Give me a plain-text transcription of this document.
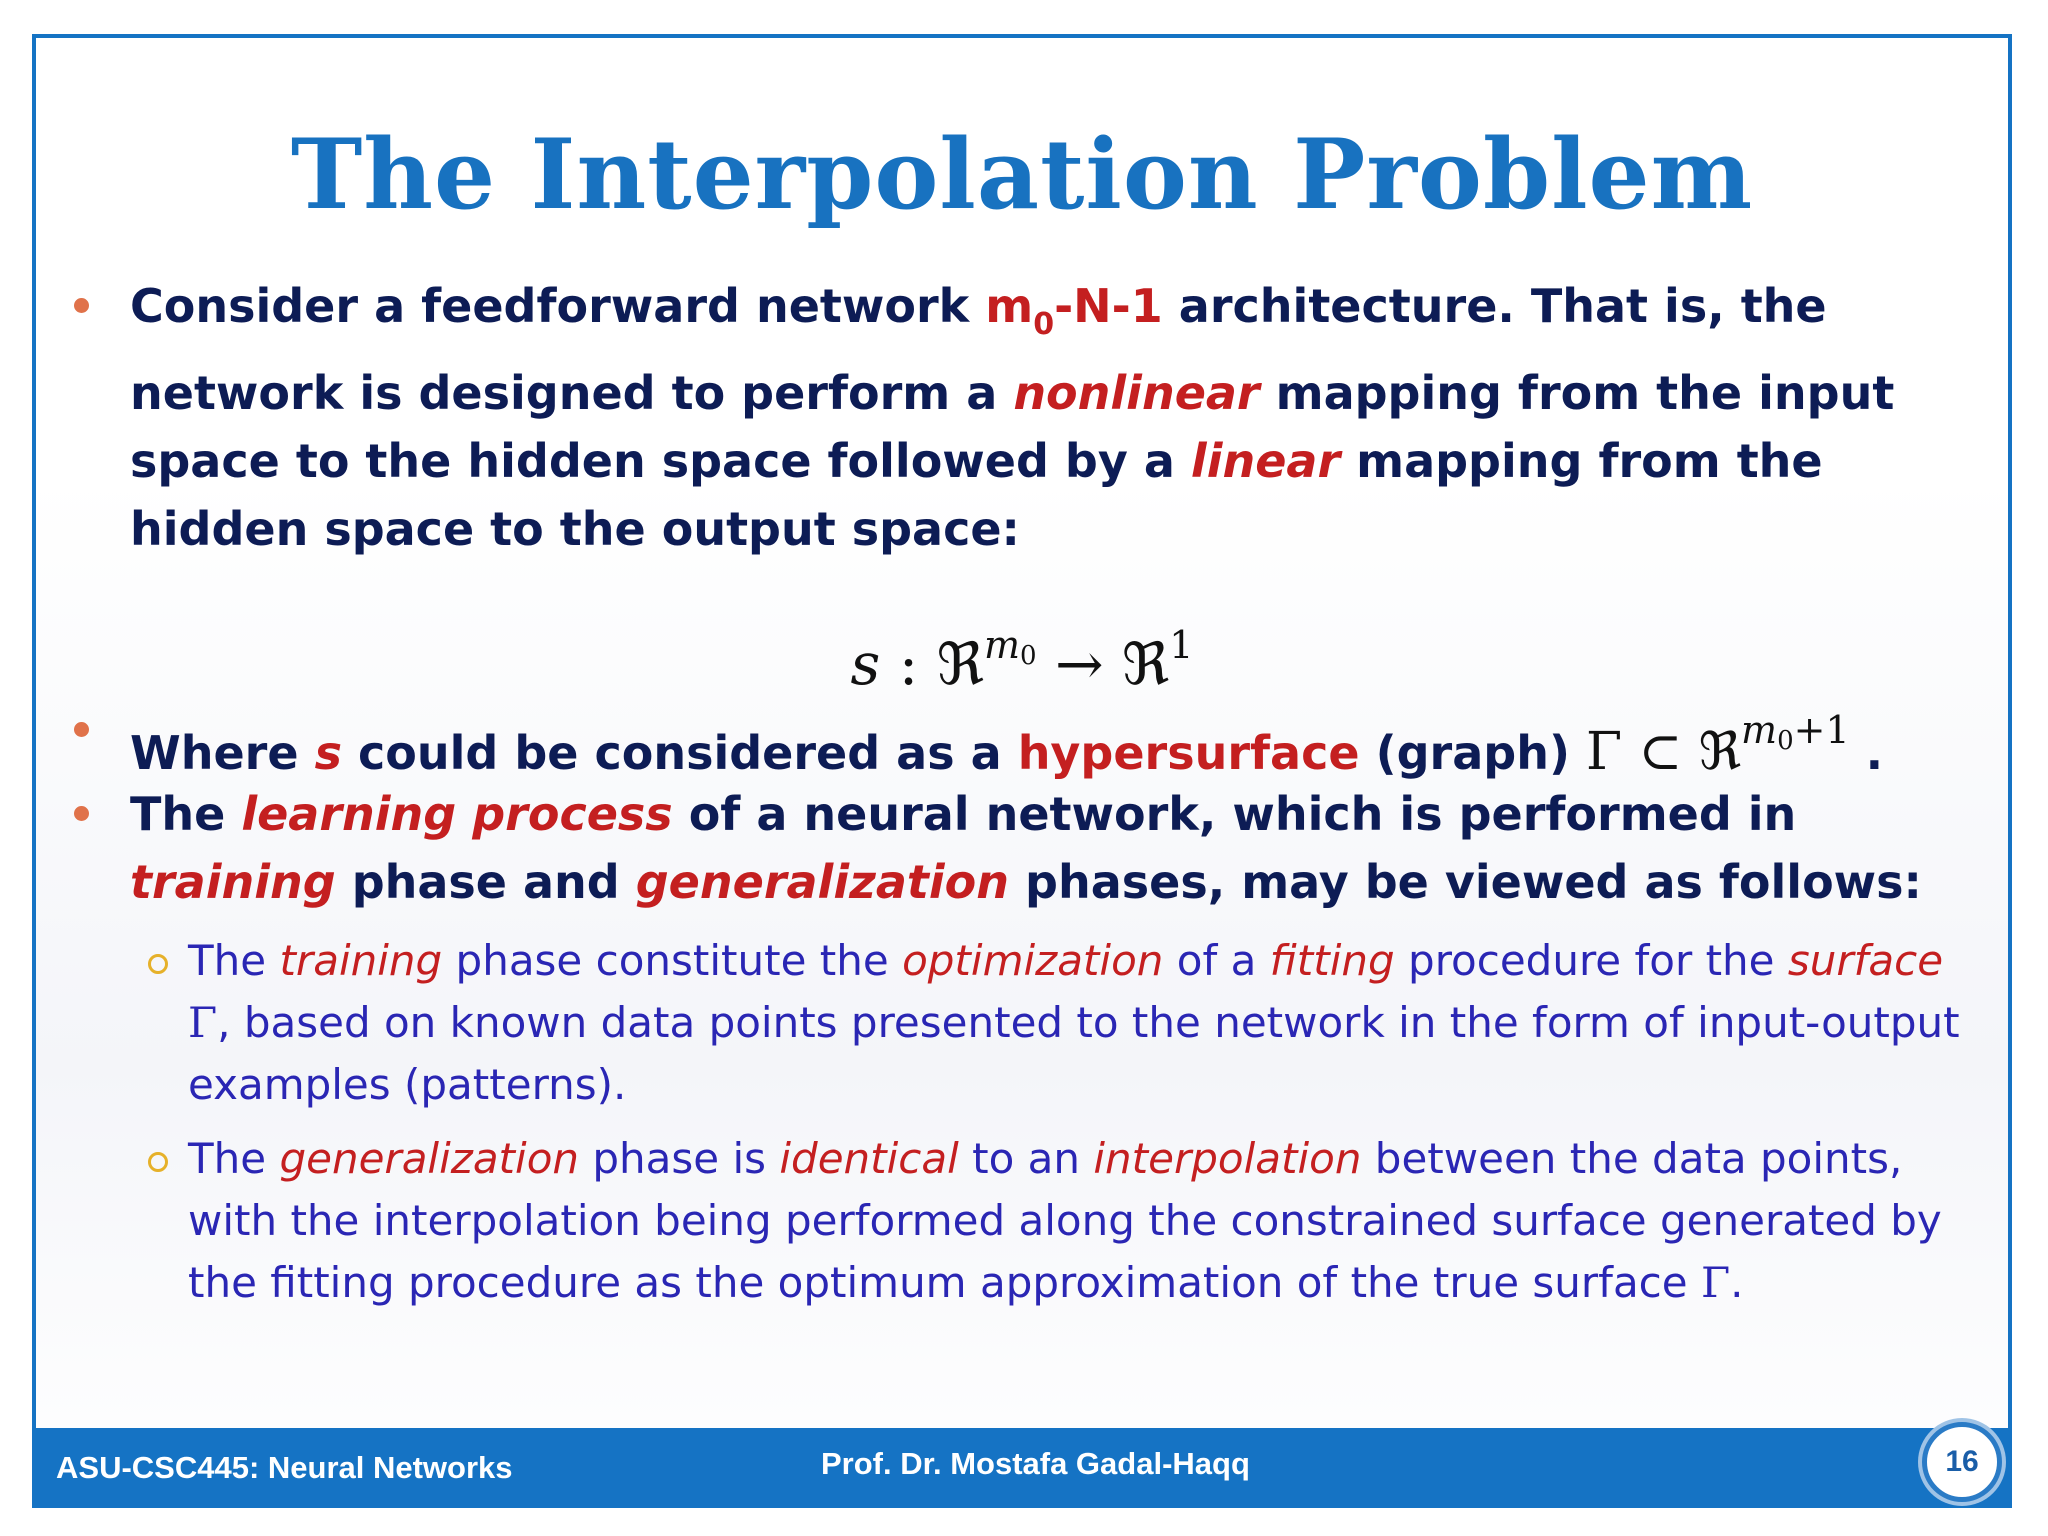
The Interpolation Problem
Consider a feedforward network $m_0-N-1$ architecture. That is, the network is designed to perform a nonlinear mapping from the input space to the hidden space followed by a linear mapping from the hidden space to the output space:
s : ℜ$^{m0}$ → ℜ$^1$
Where s could be considered as a hypersurface (graph) Γ ⊂ ℜ$^{m0+1}$ .
The learning process of a neural network, which is performed in training phase and generalization phases, may be viewed as follows:
The training phase constitute the optimization of a fitting procedure for the surface Γ, based on known data points presented to the network in the form of input-output examples (patterns).
The generalization phase is identical to an interpolation between the data points, with the interpolation being performed along the constrained surface generated by the fitting procedure as the optimum approximation of the true surface Γ.
ASU-CSC445: Neural Networks	Prof. Dr. Mostafa Gadal-Haqq	16
